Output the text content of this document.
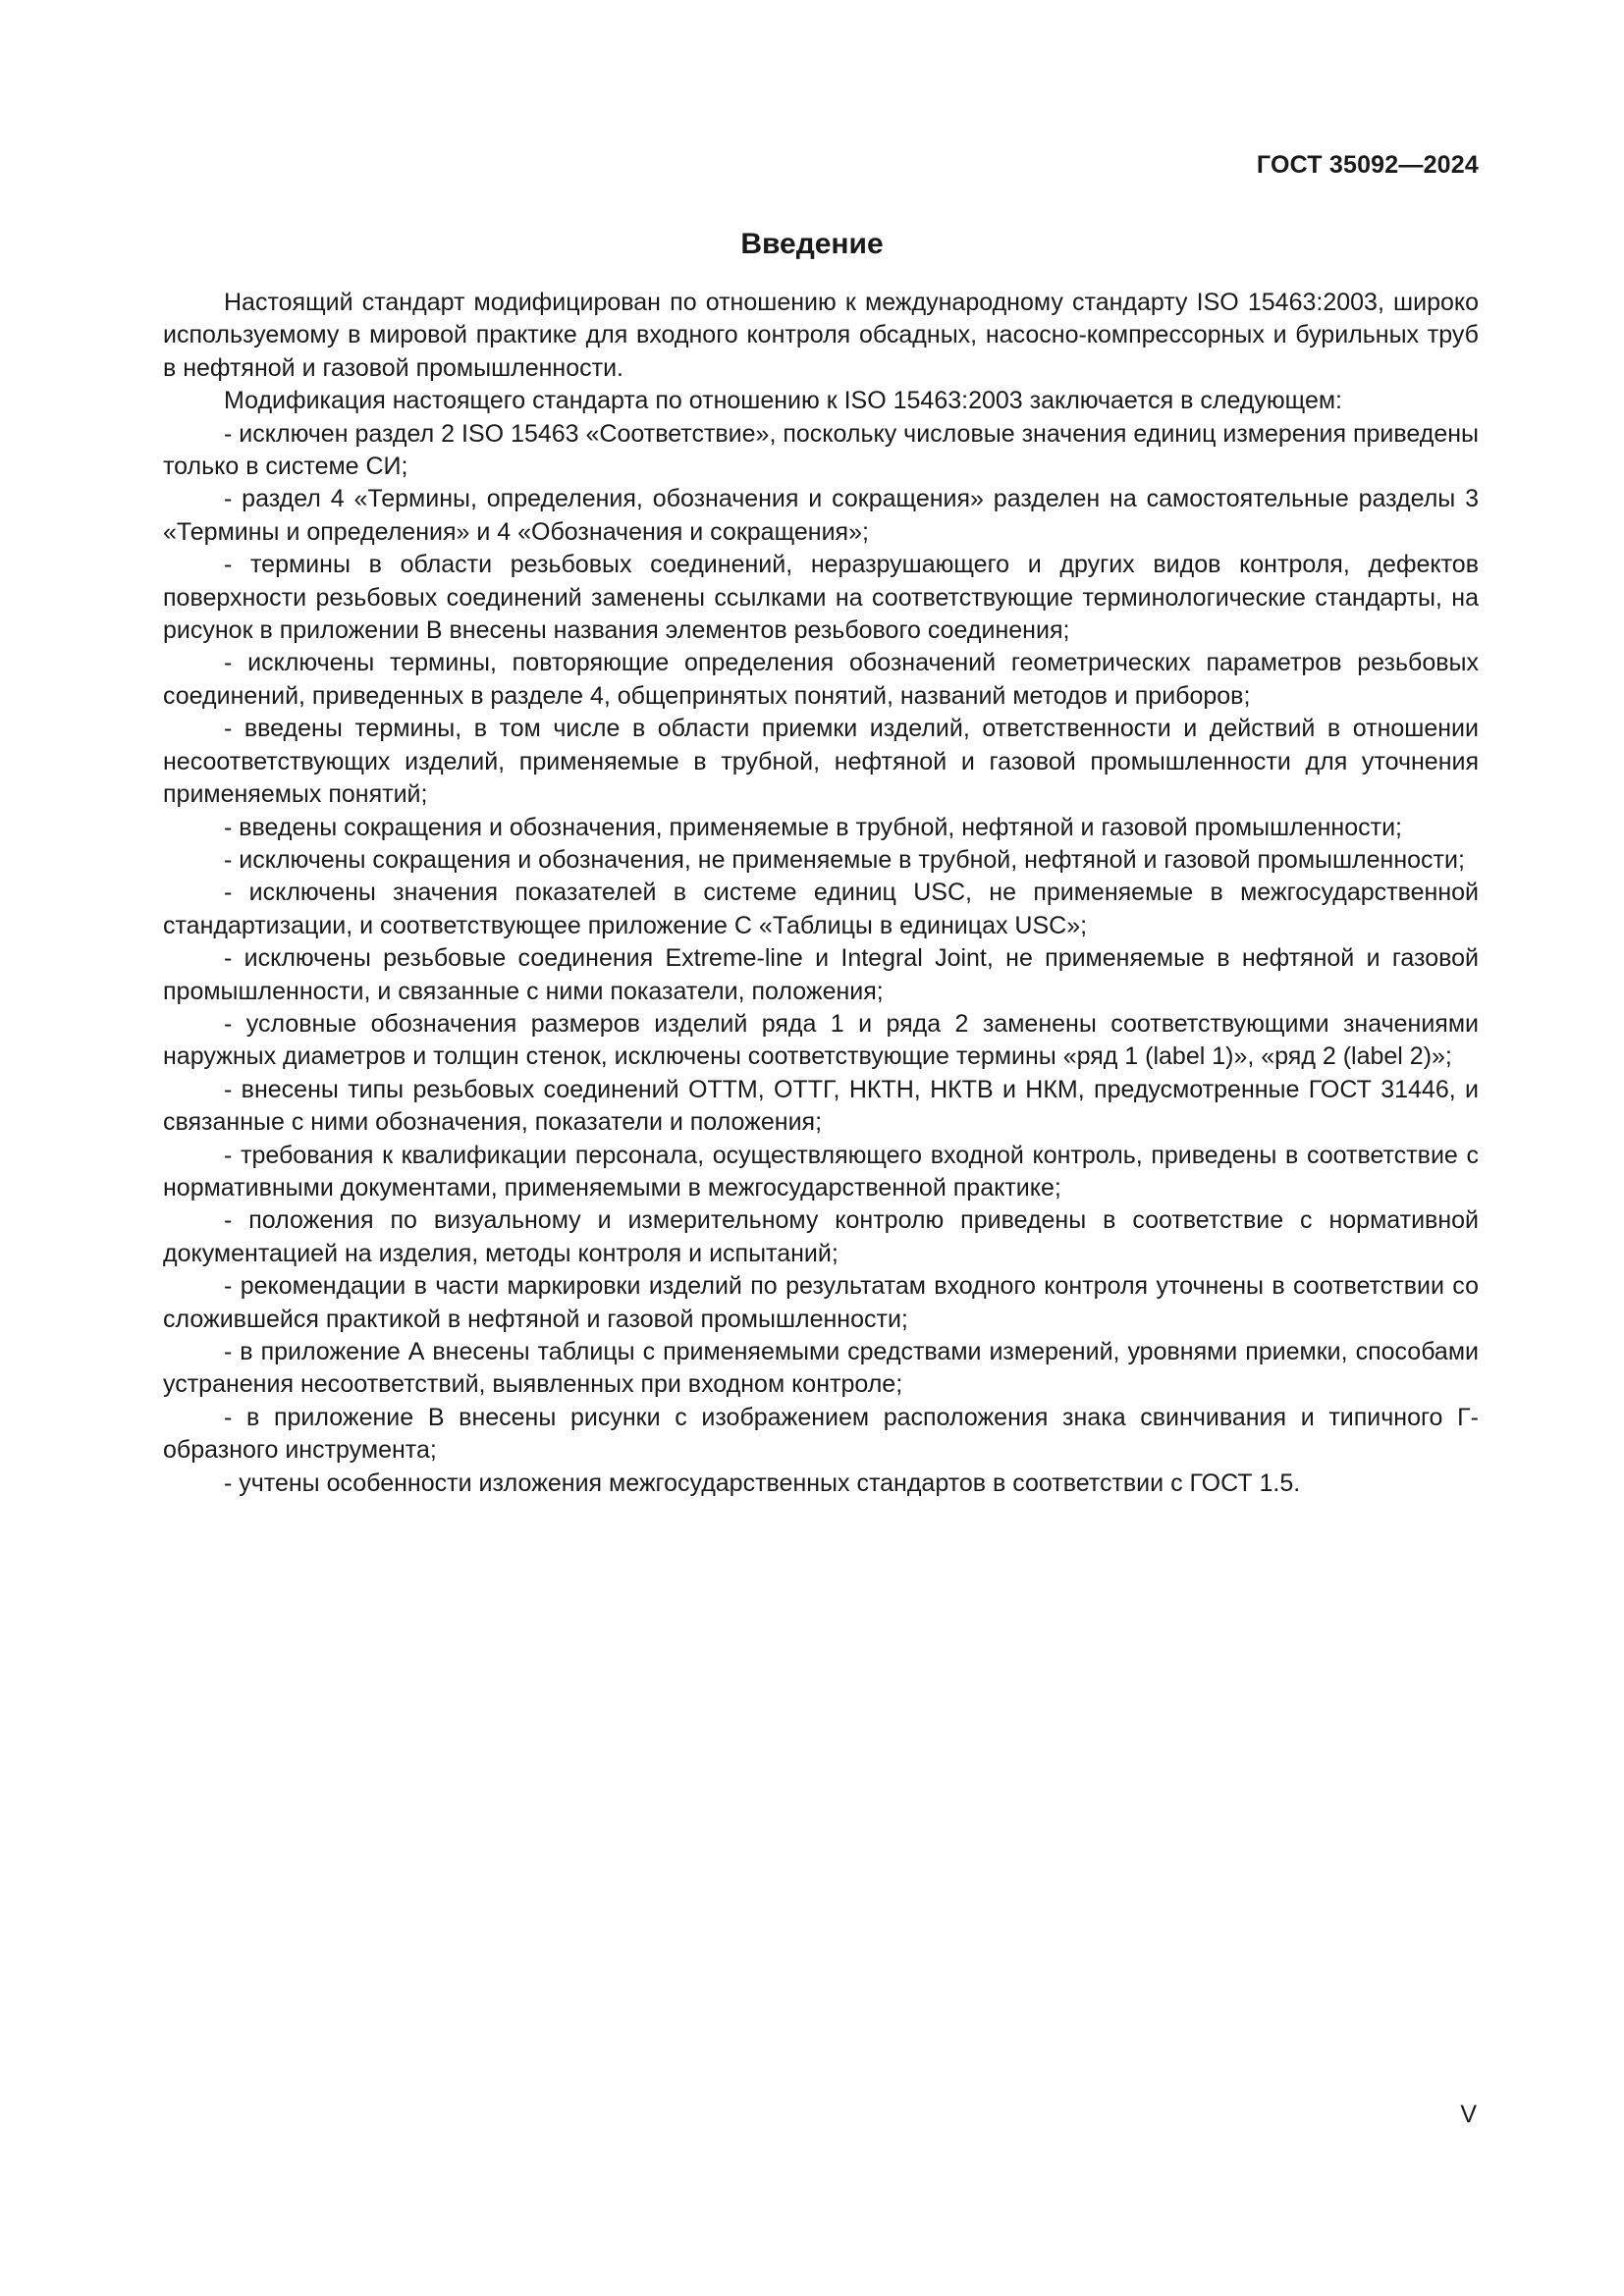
ГОСТ 35092—2024
Введение

Настоящий стандарт модифицирован по отношению к международному стандарту ISO 15463:2003, широко используемому в мировой практике для входного контроля обсадных, насосно-компрессорных и бурильных труб в нефтяной и газовой промышленности.

Модификация настоящего стандарта по отношению к ISO 15463:2003 заключается в следующем:

- исключен раздел 2 ISO 15463 «Соответствие», поскольку числовые значения единиц измерения приведены только в системе СИ;

- раздел 4 «Термины, определения, обозначения и сокращения» разделен на самостоятельные разделы 3 «Термины и определения» и 4 «Обозначения и сокращения»;

- термины в области резьбовых соединений, неразрушающего и других видов контроля, дефектов поверхности резьбовых соединений заменены ссылками на соответствующие терминологические стандарты, на рисунок в приложении В внесены названия элементов резьбового соединения;

- исключены термины, повторяющие определения обозначений геометрических параметров резьбовых соединений, приведенных в разделе 4, общепринятых понятий, названий методов и приборов;

- введены термины, в том числе в области приемки изделий, ответственности и действий в отношении несоответствующих изделий, применяемые в трубной, нефтяной и газовой промышленности для уточнения применяемых понятий;

- введены сокращения и обозначения, применяемые в трубной, нефтяной и газовой промышленности;

- исключены сокращения и обозначения, не применяемые в трубной, нефтяной и газовой промышленности;

- исключены значения показателей в системе единиц USC, не применяемые в межгосударственной стандартизации, и соответствующее приложение С «Таблицы в единицах USC»;

- исключены резьбовые соединения Extreme-line и Integral Joint, не применяемые в нефтяной и газовой промышленности, и связанные с ними показатели, положения;

- условные обозначения размеров изделий ряда 1 и ряда 2 заменены соответствующими значениями наружных диаметров и толщин стенок, исключены соответствующие термины «ряд 1 (label 1)», «ряд 2 (label 2)»;

- внесены типы резьбовых соединений ОТТМ, ОТТГ, НКТН, НКТВ и НКМ, предусмотренные ГОСТ 31446, и связанные с ними обозначения, показатели и положения;

- требования к квалификации персонала, осуществляющего входной контроль, приведены в соответствие с нормативными документами, применяемыми в межгосударственной практике;

- положения по визуальному и измерительному контролю приведены в соответствие с нормативной документацией на изделия, методы контроля и испытаний;

- рекомендации в части маркировки изделий по результатам входного контроля уточнены в соответствии со сложившейся практикой в нефтяной и газовой промышленности;

- в приложение А внесены таблицы с применяемыми средствами измерений, уровнями приемки, способами устранения несоответствий, выявленных при входном контроле;

- в приложение В внесены рисунки с изображением расположения знака свинчивания и типичного Г-образного инструмента;

- учтены особенности изложения межгосударственных стандартов в соответствии с ГОСТ 1.5.

V
